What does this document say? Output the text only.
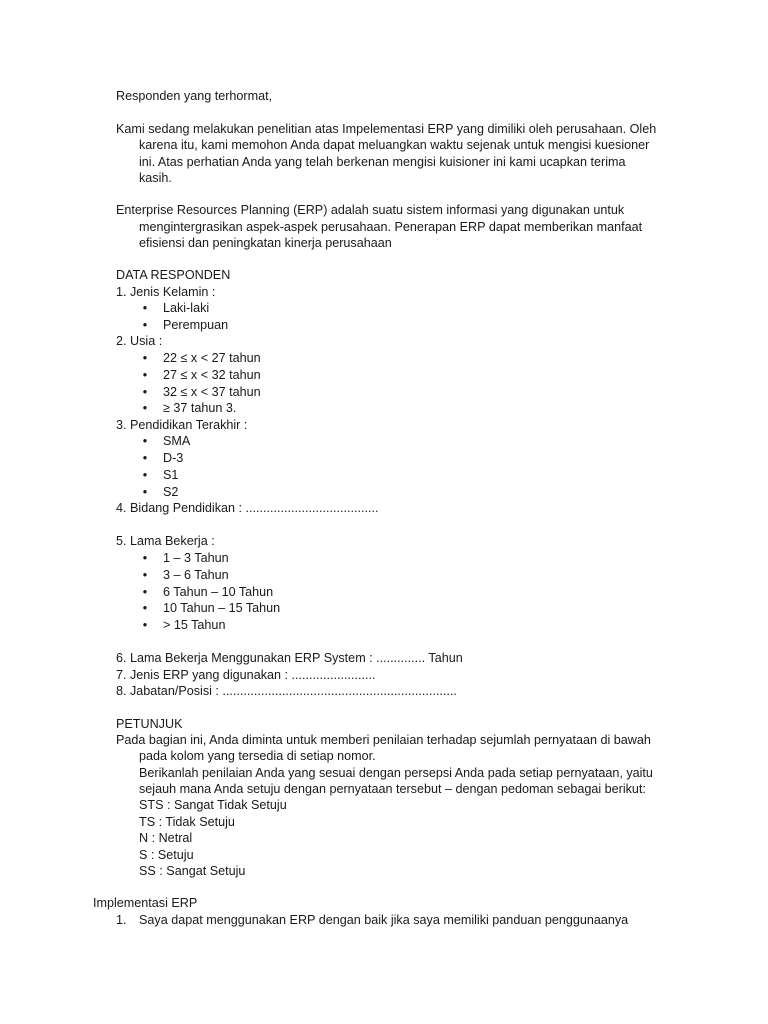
Responden yang terhormat,
Kami sedang melakukan penelitian atas Impelementasi ERP yang dimiliki oleh perusahaan. Oleh
karena itu, kami memohon Anda dapat meluangkan waktu sejenak untuk mengisi kuesioner
ini. Atas perhatian Anda yang telah berkenan mengisi kuisioner ini kami ucapkan terima
kasih.
Enterprise Resources Planning (ERP) adalah suatu sistem informasi yang digunakan untuk
mengintergrasikan aspek-aspek perusahaan. Penerapan ERP dapat memberikan manfaat
efisiensi dan peningkatan kinerja perusahaan
DATA RESPONDEN
1. Jenis Kelamin :
• Laki-laki
• Perempuan
2. Usia :
• 22 ≤ x < 27 tahun
• 27 ≤ x < 32 tahun
• 32 ≤ x < 37 tahun
• ≥ 37 tahun 3.
3. Pendidikan Terakhir :
• SMA
• D-3
• S1
• S2
4. Bidang Pendidikan : ......................................
5. Lama Bekerja :
• 1 – 3 Tahun
• 3 – 6 Tahun
• 6 Tahun – 10 Tahun
• 10 Tahun – 15 Tahun
• > 15 Tahun
6. Lama Bekerja Menggunakan ERP System : .............. Tahun
7. Jenis ERP yang digunakan : ........................
8. Jabatan/Posisi : ...................................................................
PETUNJUK
Pada bagian ini, Anda diminta untuk memberi penilaian terhadap sejumlah pernyataan di bawah
pada kolom yang tersedia di setiap nomor.
Berikanlah penilaian Anda yang sesuai dengan persepsi Anda pada setiap pernyataan, yaitu
sejauh mana Anda setuju dengan pernyataan tersebut – dengan pedoman sebagai berikut:
STS : Sangat Tidak Setuju
TS : Tidak Setuju
N : Netral
S : Setuju
SS : Sangat Setuju
Implementasi ERP
1. Saya dapat menggunakan ERP dengan baik jika saya memiliki panduan penggunaanya
